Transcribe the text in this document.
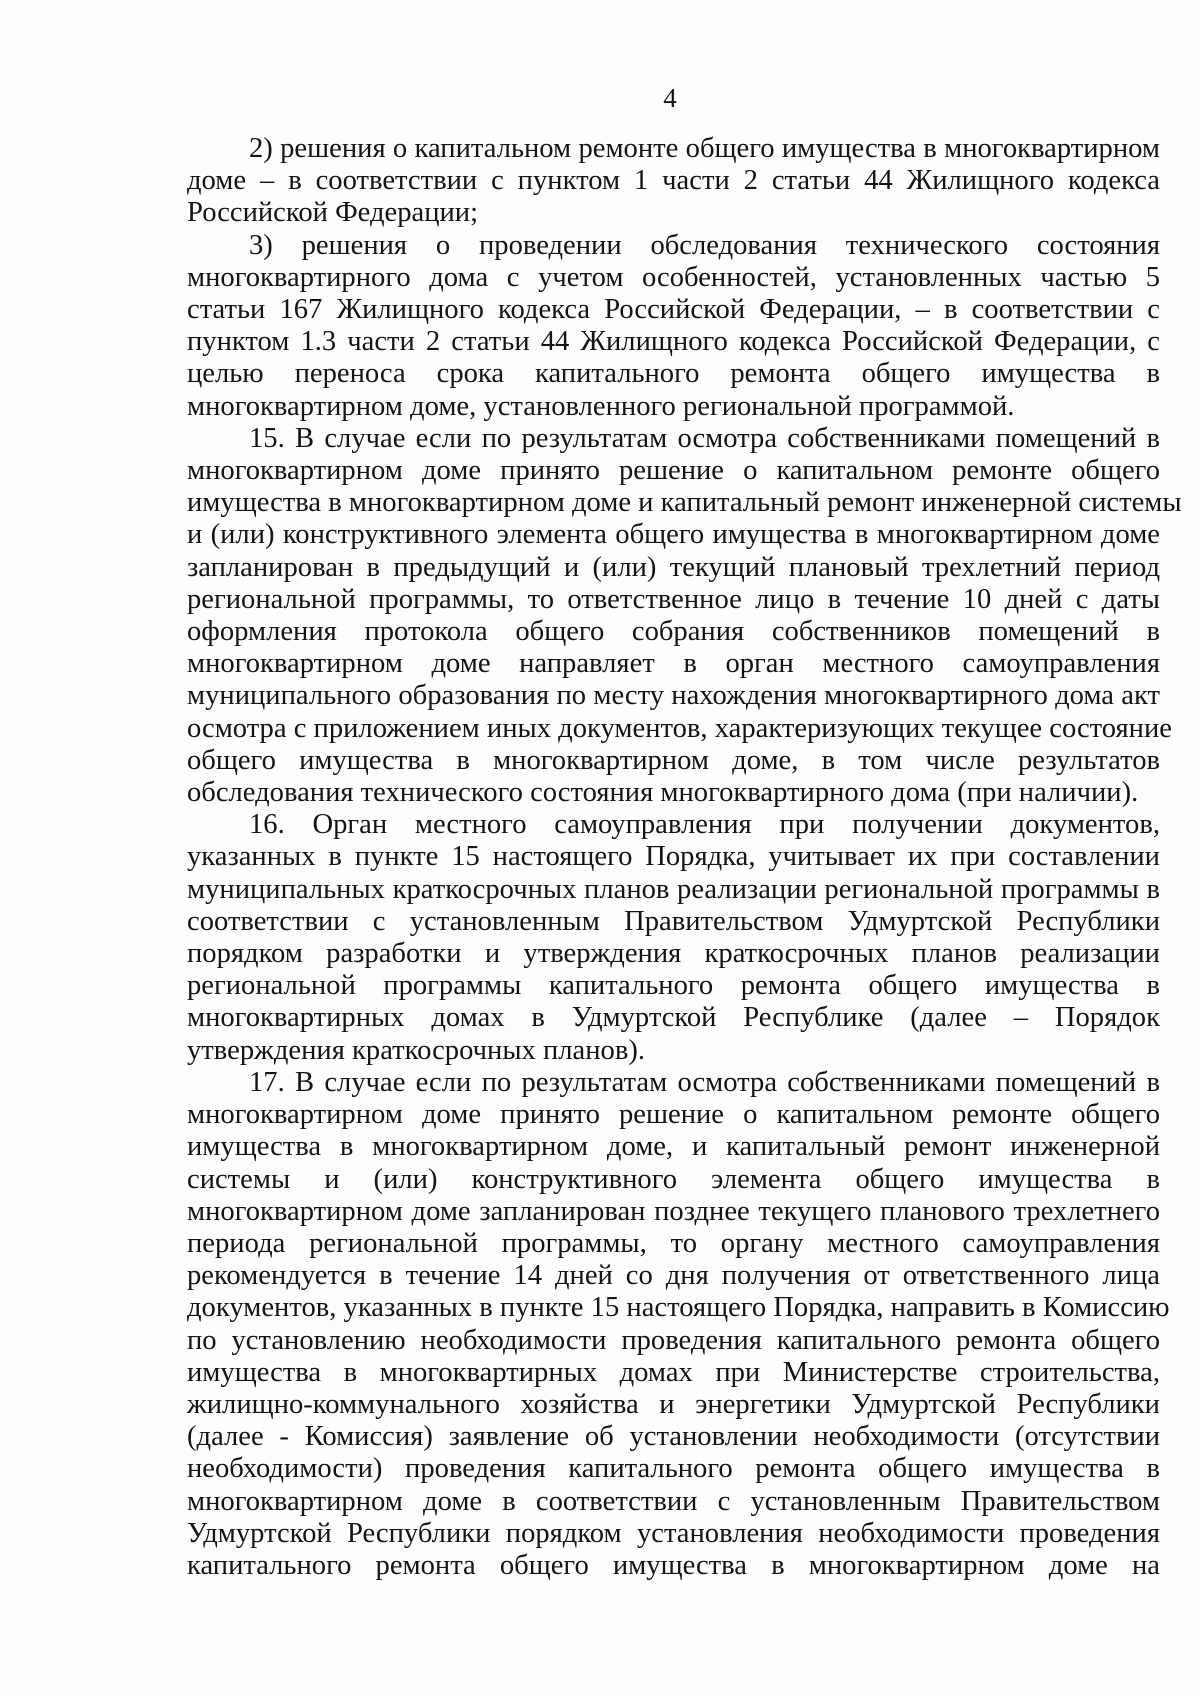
4
2) решения о капитальном ремонте общего имущества в многоквартирном
доме – в соответствии с пунктом 1 части 2 статьи 44 Жилищного кодекса
Российской Федерации;
3) решения о проведении обследования технического состояния
многоквартирного дома с учетом особенностей, установленных частью 5
статьи 167 Жилищного кодекса Российской Федерации, – в соответствии с
пунктом 1.3 части 2 статьи 44 Жилищного кодекса Российской Федерации, с
целью переноса срока капитального ремонта общего имущества в
многоквартирном доме, установленного региональной программой.
15. В случае если по результатам осмотра собственниками помещений в
многоквартирном доме принято решение о капитальном ремонте общего
имущества в многоквартирном доме и капитальный ремонт инженерной системы
и (или) конструктивного элемента общего имущества в многоквартирном доме
запланирован в предыдущий и (или) текущий плановый трехлетний период
региональной программы, то ответственное лицо в течение 10 дней с даты
оформления протокола общего собрания собственников помещений в
многоквартирном доме направляет в орган местного самоуправления
муниципального образования по месту нахождения многоквартирного дома акт
осмотра с приложением иных документов, характеризующих текущее состояние
общего имущества в многоквартирном доме, в том числе результатов
обследования технического состояния многоквартирного дома (при наличии).
16. Орган местного самоуправления при получении документов,
указанных в пункте 15 настоящего Порядка, учитывает их при составлении
муниципальных краткосрочных планов реализации региональной программы в
соответствии с установленным Правительством Удмуртской Республики
порядком разработки и утверждения краткосрочных планов реализации
региональной программы капитального ремонта общего имущества в
многоквартирных домах в Удмуртской Республике (далее – Порядок
утверждения краткосрочных планов).
17. В случае если по результатам осмотра собственниками помещений в
многоквартирном доме принято решение о капитальном ремонте общего
имущества в многоквартирном доме, и капитальный ремонт инженерной
системы и (или) конструктивного элемента общего имущества в
многоквартирном доме запланирован позднее текущего планового трехлетнего
периода региональной программы, то органу местного самоуправления
рекомендуется в течение 14 дней со дня получения от ответственного лица
документов, указанных в пункте 15 настоящего Порядка, направить в Комиссию
по установлению необходимости проведения капитального ремонта общего
имущества в многоквартирных домах при Министерстве строительства,
жилищно-коммунального хозяйства и энергетики Удмуртской Республики
(далее - Комиссия) заявление об установлении необходимости (отсутствии
необходимости) проведения капитального ремонта общего имущества в
многоквартирном доме в соответствии с установленным Правительством
Удмуртской Республики порядком установления необходимости проведения
капитального ремонта общего имущества в многоквартирном доме на
